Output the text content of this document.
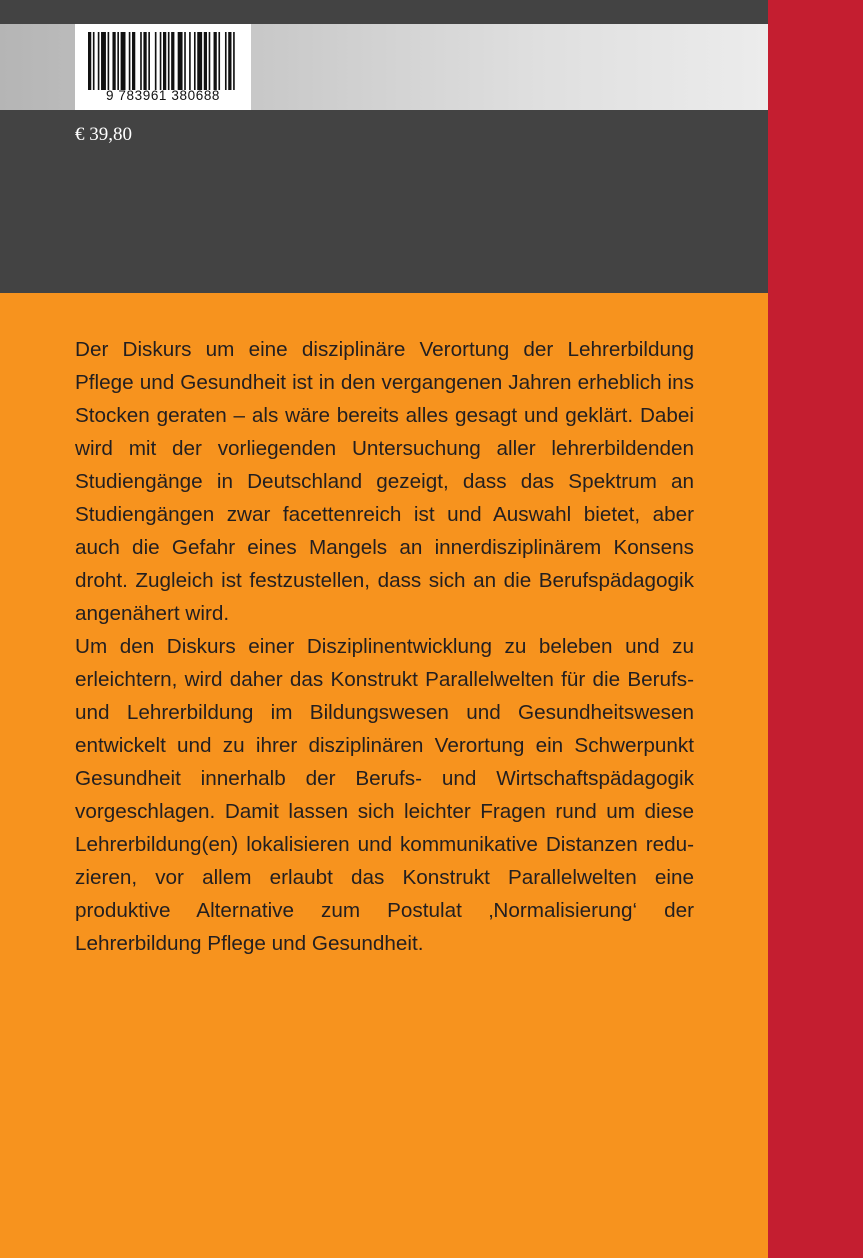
9 783961 380688
€ 39,80

Der Diskurs um eine disziplinäre Verortung der Lehrerbildung Pflege und Gesundheit ist in den vergangenen Jahren erheblich ins Stocken geraten – als wäre bereits alles gesagt und geklärt. Dabei wird mit der vorliegenden Untersuchung aller lehrerbildenden Studiengänge in Deutschland gezeigt, dass das Spektrum an Studiengängen zwar facettenreich ist und Auswahl bietet, aber auch die Gefahr eines Mangels an innerdisziplinärem Konsens droht. Zugleich ist festzustellen, dass sich an die Berufspädagogik angenähert wird.

Um den Diskurs einer Disziplinentwicklung zu beleben und zu erleichtern, wird daher das Konstrukt Parallelwelten für die Berufs- und Lehrerbildung im Bildungswesen und Gesundheitswesen entwickelt und zu ihrer disziplinären Verortung ein Schwerpunkt Gesundheit innerhalb der Berufs- und Wirtschaftspädagogik vorgeschlagen. Damit lassen sich leichter Fragen rund um diese Lehrerbildung(en) lokalisieren und kommunikative Distanzen reduzieren, vor allem erlaubt das Konstrukt Parallelwelten eine produktive Alternative zum Postulat ‚Normalisierung‘ der Lehrerbildung Pflege und Gesundheit.
